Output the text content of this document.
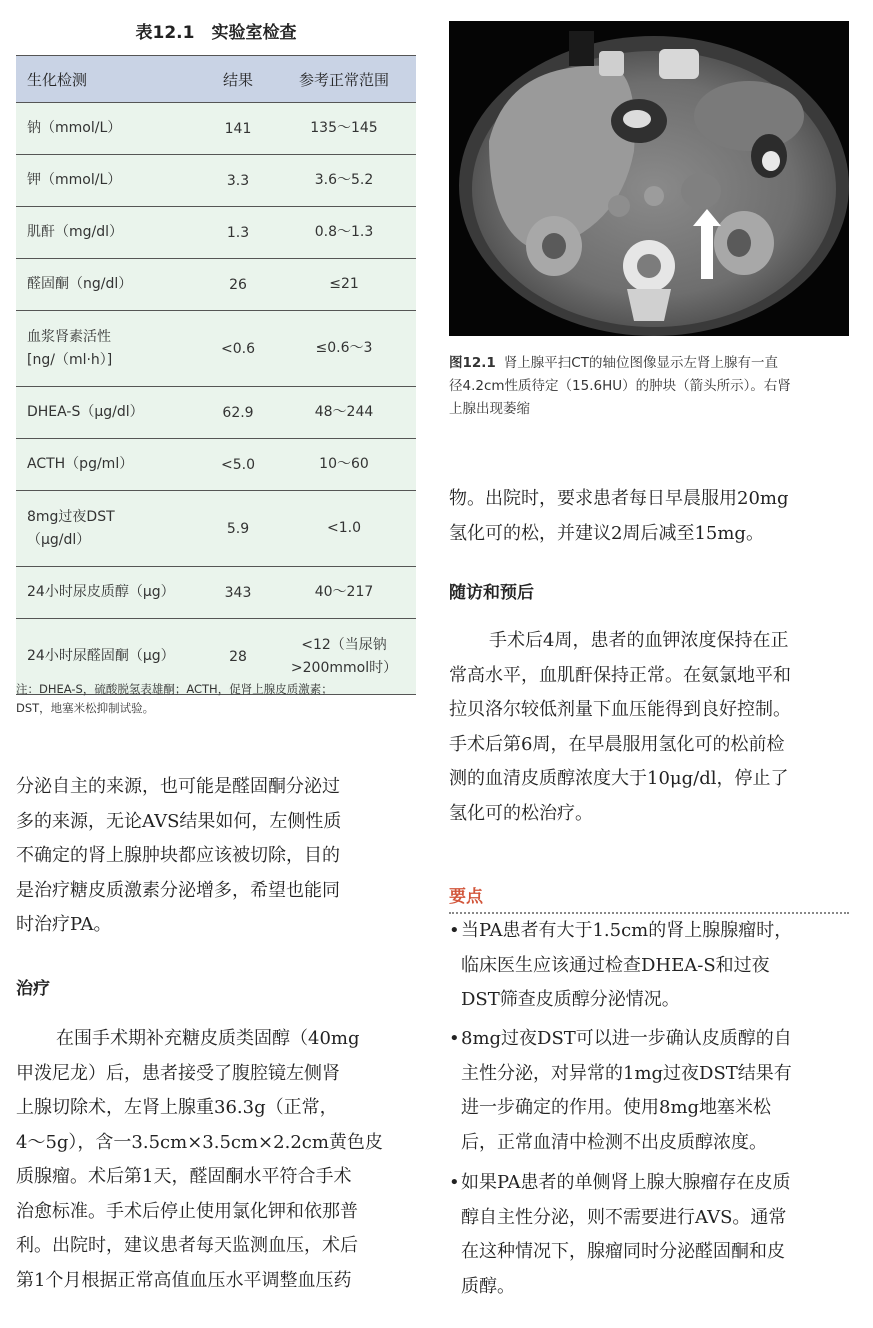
表12.1　实验室检查
生化检测	结果	参考正常范围

钠（mmol/L）	141	135～145

钾（mmol/L）	3.3	3.6～5.2

肌酐（mg/dl）	1.3	0.8～1.3

醛固酮（ng/dl）	26	≤21

血浆肾素活性
[ng/（ml·h）]	<0.6	≤0.6～3

DHEA-S（μg/dl）	62.9	48～244

ACTH（pg/ml）	<5.0	10～60

8mg过夜DST
（μg/dl）	5.9	<1.0

24小时尿皮质醇（μg）	343	40～217

24小时尿醛固酮（μg）	28	<12（当尿钠
>200mmol时）
注：DHEA-S，硫酸脱氢表雄酮；ACTH，促肾上腺皮质激素；
DST，地塞米松抑制试验。
分泌自主的来源，也可能是醛固酮分泌过
多的来源，无论AVS结果如何，左侧性质
不确定的肾上腺肿块都应该被切除，目的
是治疗糖皮质激素分泌增多，希望也能同
时治疗PA。
治疗
在围手术期补充糖皮质类固醇（40mg
甲泼尼龙）后，患者接受了腹腔镜左侧肾
上腺切除术，左肾上腺重36.3g（正常，
4～5g），含一3.5cm×3.5cm×2.2cm黄色皮
质腺瘤。术后第1天，醛固酮水平符合手术
治愈标准。手术后停止使用氯化钾和依那普
利。出院时，建议患者每天监测血压，术后
第1个月根据正常高值血压水平调整血压药
图12.1 肾上腺平扫CT的轴位图像显示左肾上腺有一直
径4.2cm性质待定（15.6HU）的肿块（箭头所示）。右肾
上腺出现萎缩
物。出院时，要求患者每日早晨服用20mg
氢化可的松，并建议2周后减至15mg。
随访和预后
手术后4周，患者的血钾浓度保持在正
常高水平，血肌酐保持正常。在氨氯地平和
拉贝洛尔较低剂量下血压能得到良好控制。
手术后第6周，在早晨服用氢化可的松前检
测的血清皮质醇浓度大于10μg/dl，停止了
氢化可的松治疗。
要点
• 当PA患者有大于1.5cm的肾上腺腺瘤时，
临床医生应该通过检查DHEA-S和过夜
DST筛查皮质醇分泌情况。
• 8mg过夜DST可以进一步确认皮质醇的自
主性分泌，对异常的1mg过夜DST结果有
进一步确定的作用。使用8mg地塞米松
后，正常血清中检测不出皮质醇浓度。
• 如果PA患者的单侧肾上腺大腺瘤存在皮质
醇自主性分泌，则不需要进行AVS。通常
在这种情况下，腺瘤同时分泌醛固酮和皮
质醇。
